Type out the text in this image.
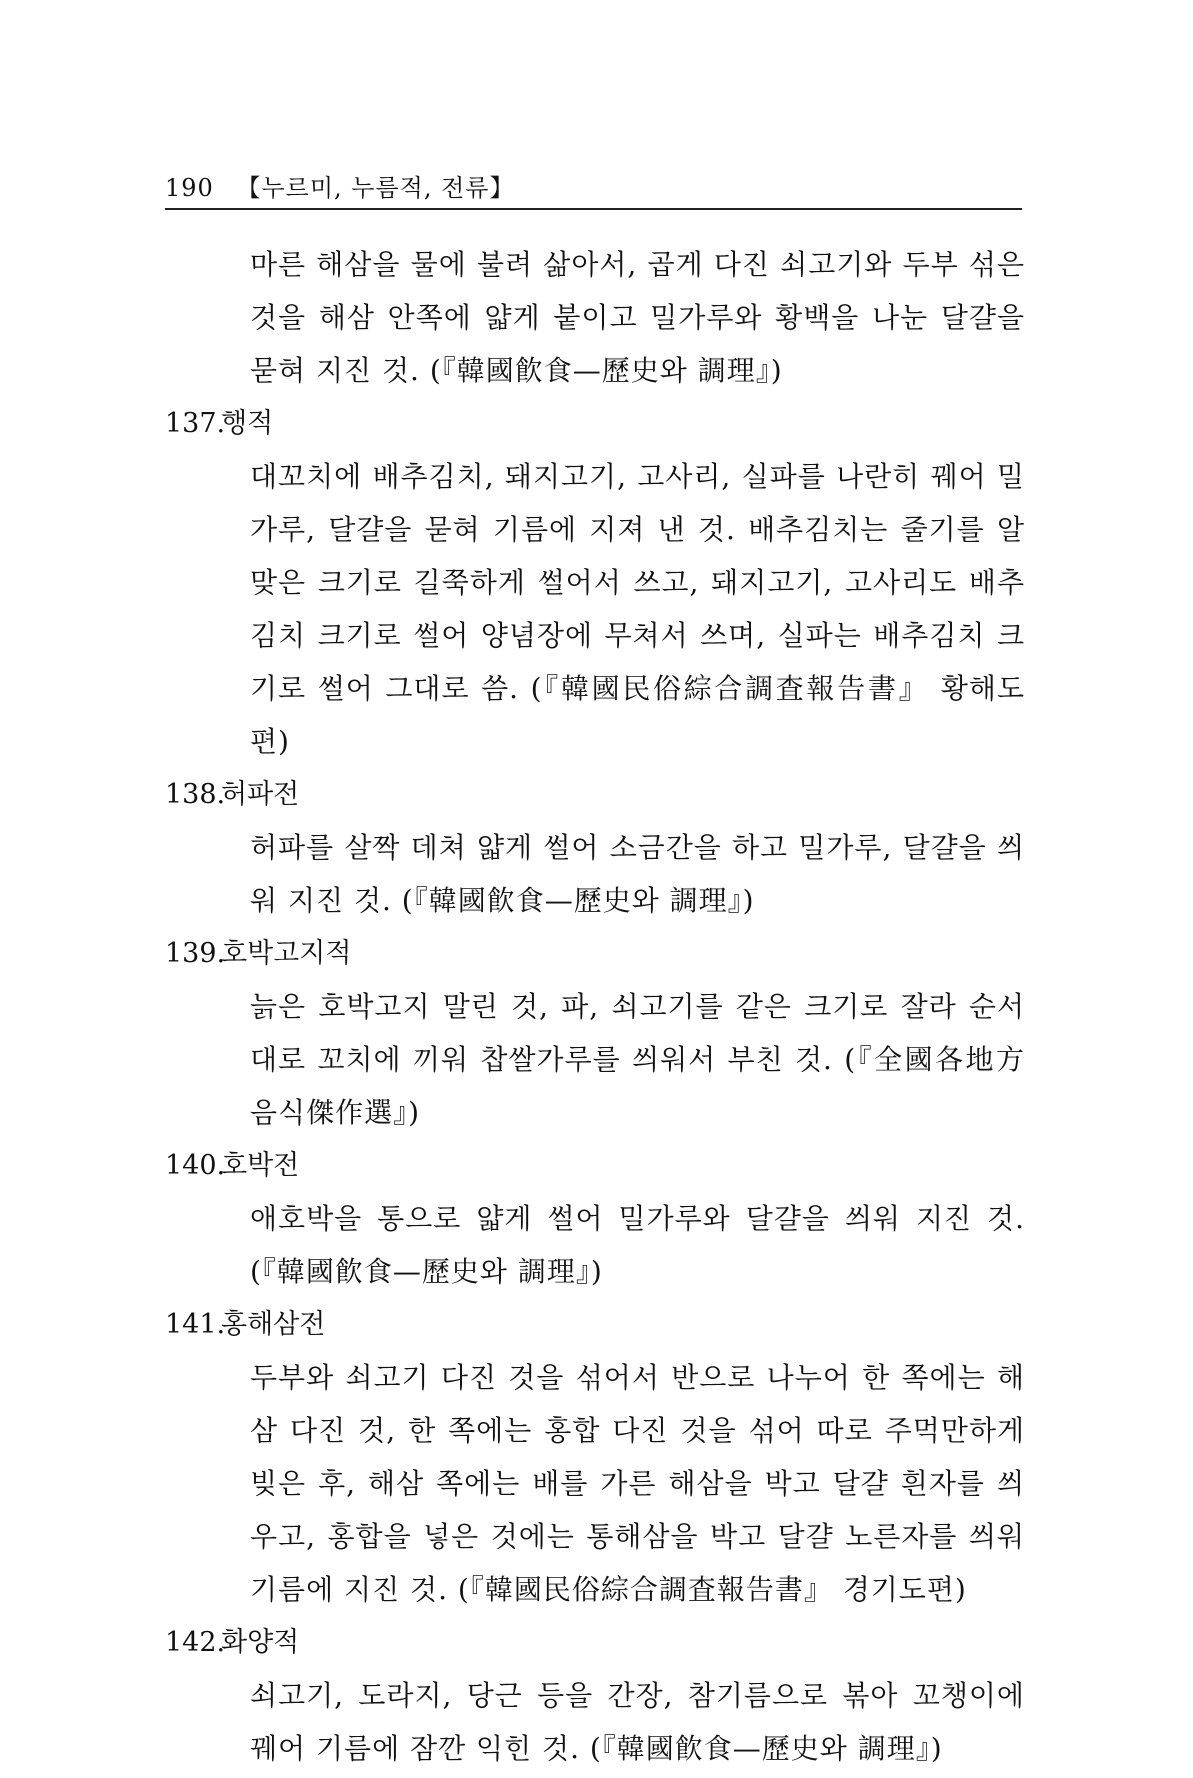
190 【누르미, 누름적, 전류】

마른 해삼을 물에 불려 삶아서, 곱게 다진 쇠고기와 두부 섞은 것을 해삼 안쪽에 얇게 붙이고 밀가루와 황백을 나눈 달걀을 묻혀 지진 것. (『韓國飮食—歷史와 調理』)

137.행적

대꼬치에 배추김치, 돼지고기, 고사리, 실파를 나란히 꿰어 밀가루, 달걀을 묻혀 기름에 지져 낸 것. 배추김치는 줄기를 알맞은 크기로 길쭉하게 썰어서 쓰고, 돼지고기, 고사리도 배추김치 크기로 썰어 양념장에 무쳐서 쓰며, 실파는 배추김치 크기로 썰어 그대로 씀. (『韓國民俗綜合調査報告書』 황해도편)

138.허파전

허파를 살짝 데쳐 얇게 썰어 소금간을 하고 밀가루, 달걀을 씌워 지진 것. (『韓國飮食—歷史와 調理』)

139.호박고지적

늙은 호박고지 말린 것, 파, 쇠고기를 같은 크기로 잘라 순서대로 꼬치에 끼워 찹쌀가루를 씌워서 부친 것. (『全國各地方음식傑作選』)

140.호박전

애호박을 통으로 얇게 썰어 밀가루와 달걀을 씌워 지진 것. (『韓國飮食—歷史와 調理』)

141.홍해삼전

두부와 쇠고기 다진 것을 섞어서 반으로 나누어 한 쪽에는 해삼 다진 것, 한 쪽에는 홍합 다진 것을 섞어 따로 주먹만하게 빚은 후, 해삼 쪽에는 배를 가른 해삼을 박고 달걀 흰자를 씌우고, 홍합을 넣은 것에는 통해삼을 박고 달걀 노른자를 씌워 기름에 지진 것. (『韓國民俗綜合調査報告書』 경기도편)

142.화양적

쇠고기, 도라지, 당근 등을 간장, 참기름으로 볶아 꼬챙이에 꿰어 기름에 잠깐 익힌 것. (『韓國飮食—歷史와 調理』)
